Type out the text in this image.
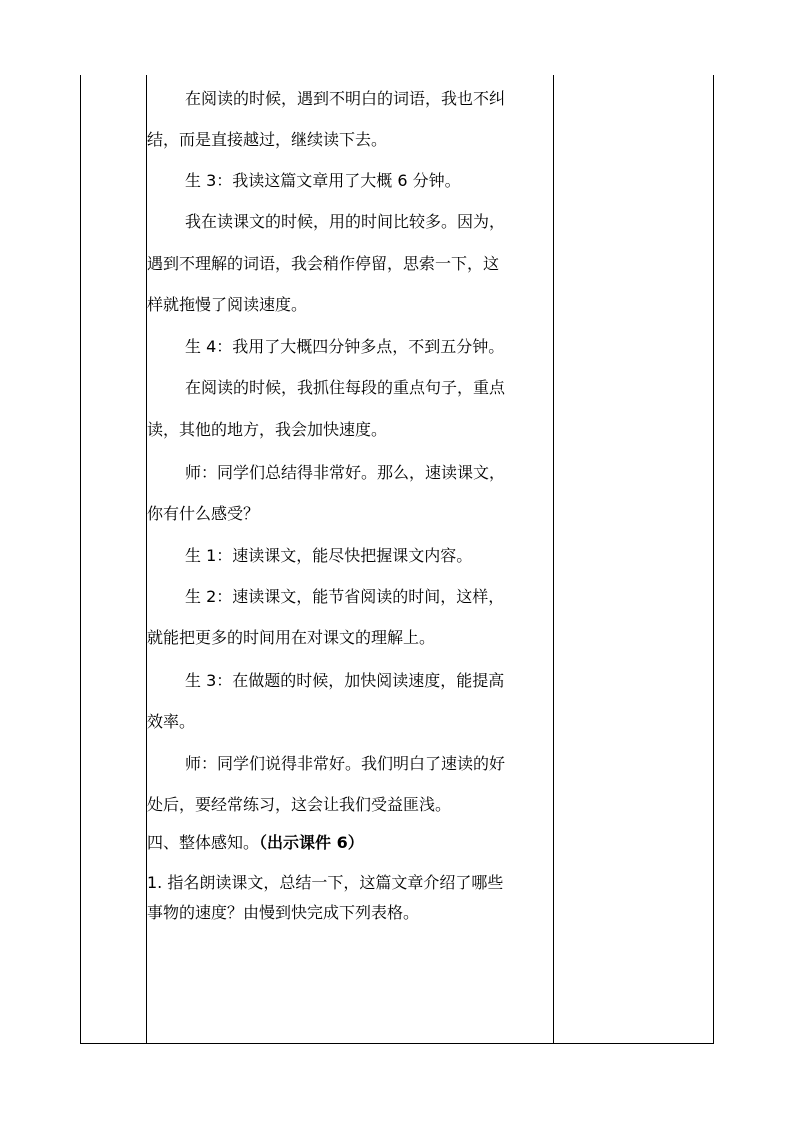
在阅读的时候，遇到不明白的词语，我也不纠
结，而是直接越过，继续读下去。
生 3：我读这篇文章用了大概 6 分钟。
我在读课文的时候，用的时间比较多。因为，
遇到不理解的词语，我会稍作停留，思索一下，这
样就拖慢了阅读速度。
生 4：我用了大概四分钟多点，不到五分钟。
在阅读的时候，我抓住每段的重点句子，重点
读，其他的地方，我会加快速度。
师：同学们总结得非常好。那么，速读课文，
你有什么感受？
生 1：速读课文，能尽快把握课文内容。
生 2：速读课文，能节省阅读的时间，这样，
就能把更多的时间用在对课文的理解上。
生 3：在做题的时候，加快阅读速度，能提高
效率。
师：同学们说得非常好。我们明白了速读的好
处后，要经常练习，这会让我们受益匪浅。
四、整体感知。（出示课件 6）
1. 指名朗读课文，总结一下，这篇文章介绍了哪些
事物的速度？由慢到快完成下列表格。
